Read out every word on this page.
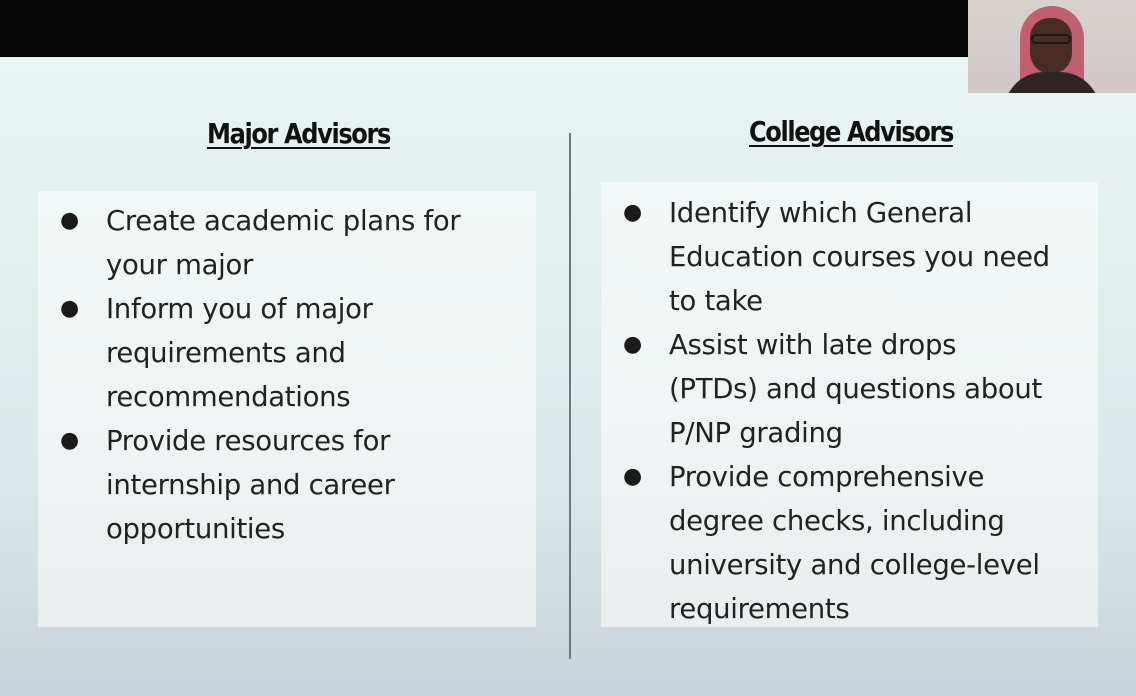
Major Advisors	College Advisors
● Create academic plans for
your major
● Inform you of major
requirements and
recommendations
● Provide resources for
internship and career
opportunities
● Identify which General
Education courses you need
to take
● Assist with late drops
(PTDs) and questions about
P/NP grading
● Provide comprehensive
degree checks, including
university and college-level
requirements
